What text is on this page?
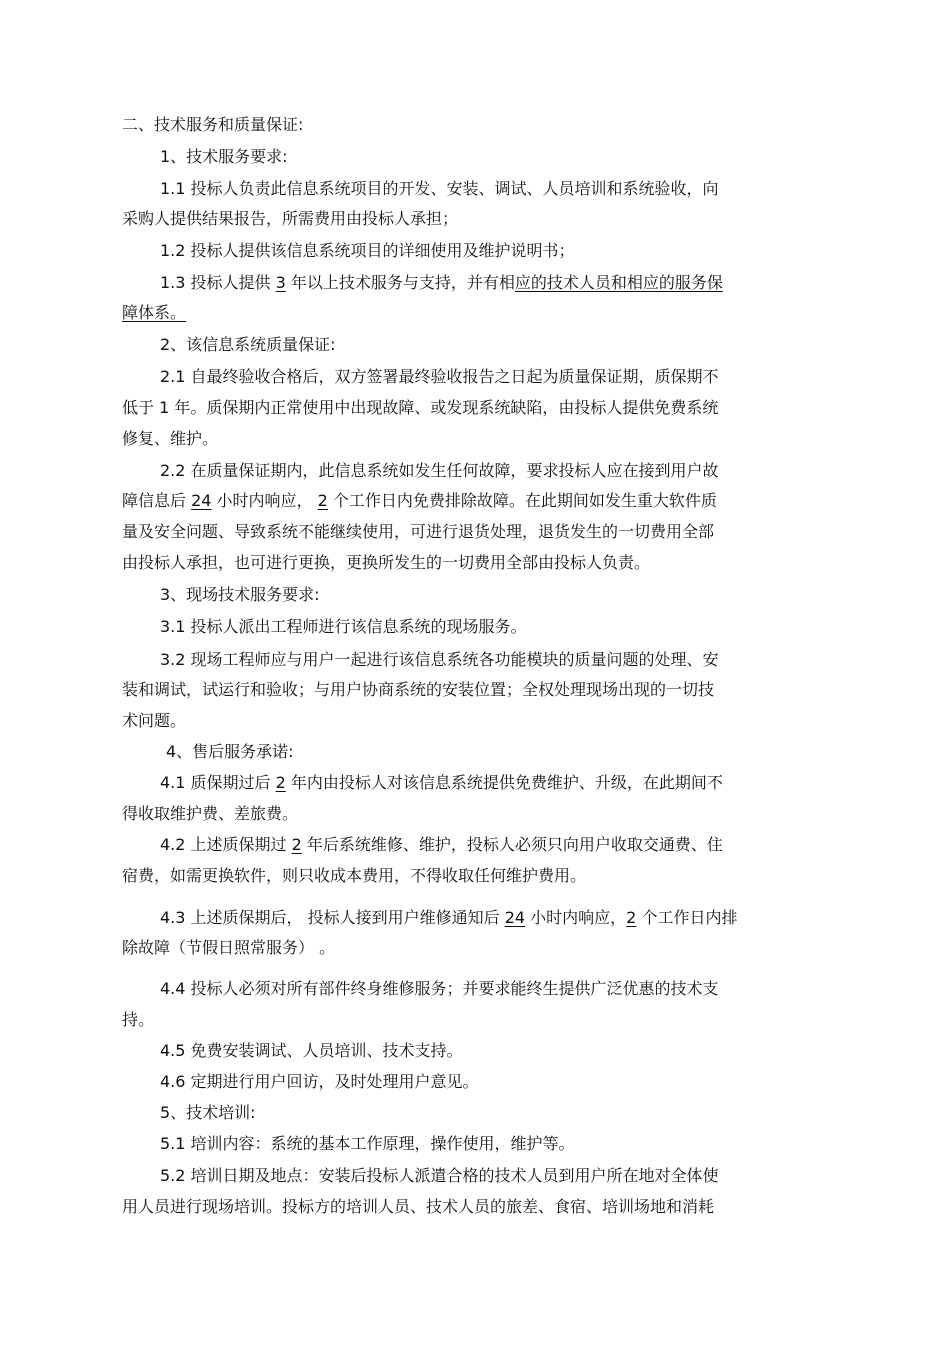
二、技术服务和质量保证:
1、技术服务要求:
1.1 投标人负责此信息系统项目的开发、安装、调试、人员培训和系统验收，向
采购人提供结果报告，所需费用由投标人承担；
1.2 投标人提供该信息系统项目的详细使用及维护说明书；
1.3 投标人提供 3 年以上技术服务与支持，并有相应的技术人员和相应的服务保
障体系。
2、该信息系统质量保证:
2.1 自最终验收合格后，双方签署最终验收报告之日起为质量保证期，质保期不
低于 1 年。质保期内正常使用中出现故障、或发现系统缺陷，由投标人提供免费系统
修复、维护。
2.2 在质量保证期内，此信息系统如发生任何故障，要求投标人应在接到用户故
障信息后 24 小时内响应， 2 个工作日内免费排除故障。在此期间如发生重大软件质
量及安全问题、导致系统不能继续使用，可进行退货处理，退货发生的一切费用全部
由投标人承担，也可进行更换，更换所发生的一切费用全部由投标人负责。
3、现场技术服务要求:
3.1 投标人派出工程师进行该信息系统的现场服务。
3.2 现场工程师应与用户一起进行该信息系统各功能模块的质量问题的处理、安
装和调试，试运行和验收；与用户协商系统的安装位置；全权处理现场出现的一切技
术问题。
4、售后服务承诺:
4.1 质保期过后 2 年内由投标人对该信息系统提供免费维护、升级，在此期间不
得收取维护费、差旅费。
4.2 上述质保期过 2 年后系统维修、维护，投标人必须只向用户收取交通费、住
宿费，如需更换软件，则只收成本费用，不得收取任何维护费用。
4.3 上述质保期后， 投标人接到用户维修通知后 24 小时内响应，2 个工作日内排
除故障（节假日照常服务） 。
4.4 投标人必须对所有部件终身维修服务；并要求能终生提供广泛优惠的技术支
持。
4.5 免费安装调试、人员培训、技术支持。
4.6 定期进行用户回访，及时处理用户意见。
5、技术培训:
5.1 培训内容：系统的基本工作原理，操作使用，维护等。
5.2 培训日期及地点：安装后投标人派遣合格的技术人员到用户所在地对全体使
用人员进行现场培训。投标方的培训人员、技术人员的旅差、食宿、培训场地和消耗
